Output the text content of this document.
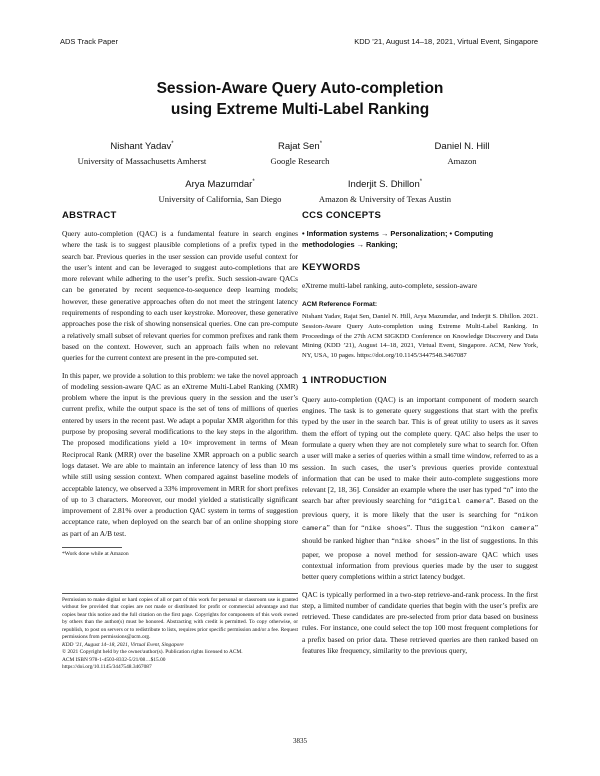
ADS Track Paper	KDD ’21, August 14–18, 2021, Virtual Event, Singapore
Session-Aware Query Auto-completion
using Extreme Multi-Label Ranking
Nishant Yadav*
University of Massachusetts Amherst
Rajat Sen*
Google Research
Daniel N. Hill
Amazon
Arya Mazumdar*
University of California, San Diego
Inderjit S. Dhillon*
Amazon & University of Texas Austin
ABSTRACT

Query auto-completion (QAC) is a fundamental feature in search engines where the task is to suggest plausible completions of a prefix typed in the search bar. Previous queries in the user session can provide useful context for the user’s intent and can be leveraged to suggest auto-completions that are more relevant while adhering to the user’s prefix. Such session-aware QACs can be generated by recent sequence-to-sequence deep learning models; however, these generative approaches often do not meet the stringent latency requirements of responding to each user keystroke. Moreover, these generative approaches pose the risk of showing nonsensical queries. One can pre-compute a relatively small subset of relevant queries for common prefixes and rank them based on the context. However, such an approach fails when no relevant queries for the current context are present in the pre-computed set.

In this paper, we provide a solution to this problem: we take the novel approach of modeling session-aware QAC as an eXtreme Multi-Label Ranking (XMR) problem where the input is the previous query in the session and the user’s current prefix, while the output space is the set of tens of millions of queries entered by users in the recent past. We adapt a popular XMR algorithm for this purpose by proposing several modifications to the key steps in the algorithm. The proposed modifications yield a 10× improvement in terms of Mean Reciprocal Rank (MRR) over the baseline XMR approach on a public search logs dataset. We are able to maintain an inference latency of less than 10 ms while still using session context. When compared against baseline models of acceptable latency, we observed a 33% improvement in MRR for short prefixes of up to 3 characters. Moreover, our model yielded a statistically significant improvement of 2.81% over a production QAC system in terms of suggestion acceptance rate, when deployed on the search bar of an online shopping store as part of an A/B test.

*Work done while at Amazon
Permission to make digital or hard copies of all or part of this work for personal or classroom use is granted without fee provided that copies are not made or distributed for profit or commercial advantage and that copies bear this notice and the full citation on the first page. Copyrights for components of this work owned by others than the author(s) must be honored. Abstracting with credit is permitted. To copy otherwise, or republish, to post on servers or to redistribute to lists, requires prior specific permission and/or a fee. Request permissions from permissions@acm.org.
KDD ’21, August 14–18, 2021, Virtual Event, Singapore
© 2021 Copyright held by the owner/author(s). Publication rights licensed to ACM.
ACM ISBN 978-1-4503-8332-5/21/08…$15.00
https://doi.org/10.1145/3447548.3467087
CCS CONCEPTS
• Information systems → Personalization; • Computing methodologies → Ranking;
KEYWORDS

eXtreme multi-label ranking, auto-complete, session-aware

ACM Reference Format:
Nishant Yadav, Rajat Sen, Daniel N. Hill, Arya Mazumdar, and Inderjit S. Dhillon. 2021. Session-Aware Query Auto-completion using Extreme Multi-Label Ranking. In Proceedings of the 27th ACM SIGKDD Conference on Knowledge Discovery and Data Mining (KDD ’21), August 14–18, 2021, Virtual Event, Singapore. ACM, New York, NY, USA, 10 pages. https://doi.org/10.1145/3447548.3467087
1 INTRODUCTION

Query auto-completion (QAC) is an important component of modern search engines. The task is to generate query suggestions that start with the prefix typed by the user in the search bar. This is of great utility to users as it saves them the effort of typing out the complete query. QAC also helps the user to formulate a query when they are not completely sure what to search for. Often a user will make a series of queries within a small time window, referred to as a session. In such cases, the user’s previous queries provide contextual information that can be used to make their auto-complete suggestions more relevant [2, 18, 36]. Consider an example where the user has typed “n” into the search bar after previously searching for “digital camera”. Based on the previous query, it is more likely that the user is searching for “nikon camera” than for “nike shoes”. Thus the suggestion “nikon camera” should be ranked higher than “nike shoes” in the list of suggestions. In this paper, we propose a novel method for session-aware QAC which uses contextual information from previous queries made by the user to suggest better query completions within a strict latency budget.

QAC is typically performed in a two-step retrieve-and-rank process. In the first step, a limited number of candidate queries that begin with the user’s prefix are retrieved. These candidates are pre-selected from prior data based on business rules. For instance, one could select the top 100 most frequent completions for a prefix based on prior data. These retrieved queries are then ranked based on features like frequency, similarity to the previous query,

3835
